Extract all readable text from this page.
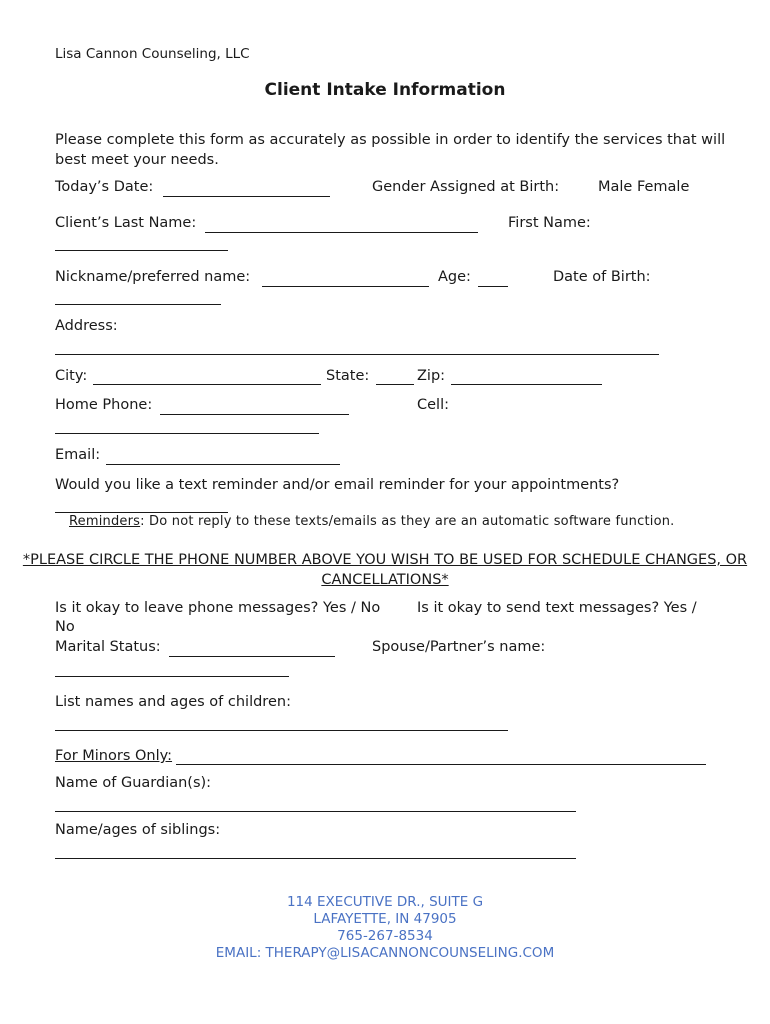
Lisa Cannon Counseling, LLC
Client Intake Information
Please complete this form as accurately as possible in order to identify the services that will best meet your needs.
Today’s Date:	Gender Assigned at Birth:	Male Female
Client’s Last Name:	First Name:
Nickname/preferred name:	Age:	Date of Birth:
Address:
City:	State:	Zip:
Home Phone:	Cell:
Email:
Would you like a text reminder and/or email reminder for your appointments?
Reminders: Do not reply to these texts/emails as they are an automatic software function.
*PLEASE CIRCLE THE PHONE NUMBER ABOVE YOU WISH TO BE USED FOR SCHEDULE CHANGES, OR CANCELLATIONS*
Is it okay to leave phone messages? Yes / No	Is it okay to send text messages? Yes /
No
Marital Status:	Spouse/Partner’s name:
List names and ages of children:
For Minors Only:
Name of Guardian(s):
Name/ages of siblings:
114 EXECUTIVE DR., SUITE G
LAFAYETTE, IN 47905
765-267-8534
EMAIL: THERAPY@LISACANNONCOUNSELING.COM
